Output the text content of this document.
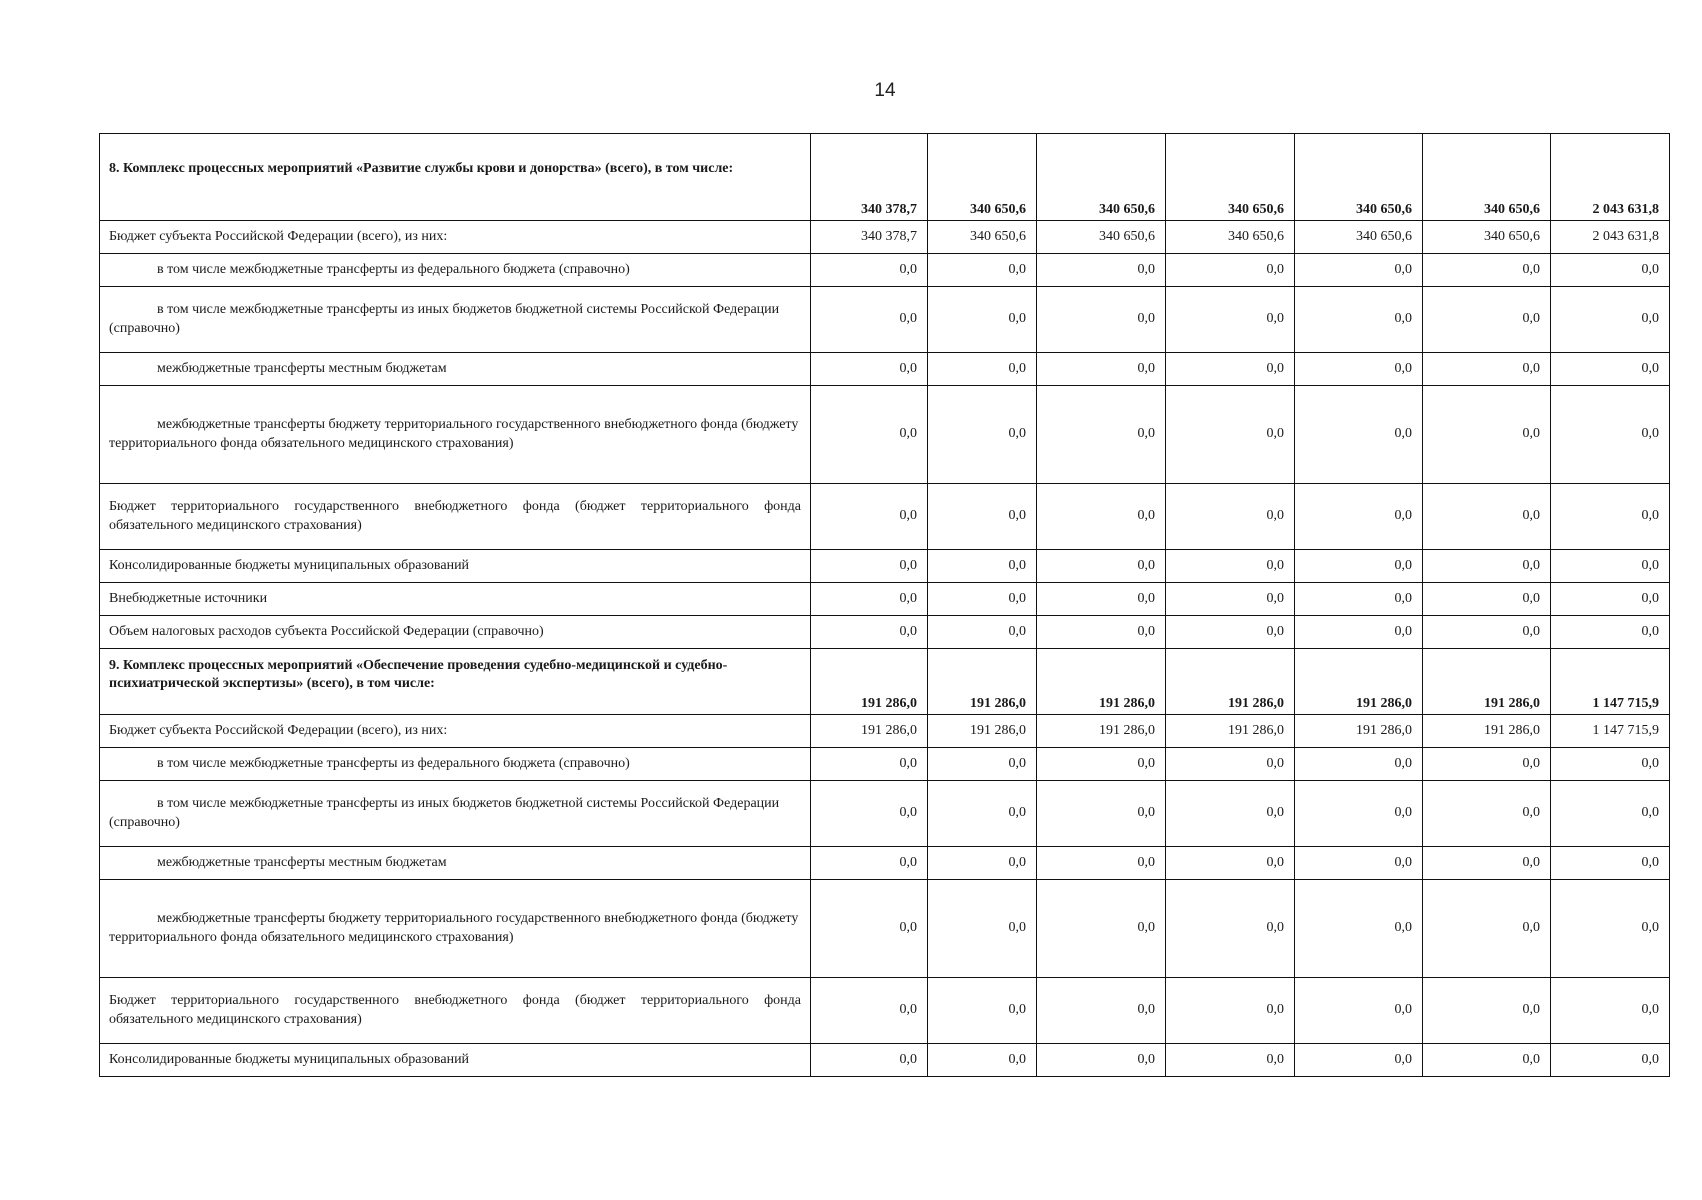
14
8. Комплекс процессных мероприятий «Развитие службы крови и донорства» (всего), в том числе:	340 378,7	340 650,6	340 650,6	340 650,6	340 650,6	340 650,6	2 043 631,8
Бюджет субъекта Российской Федерации (всего), из них:	340 378,7	340 650,6	340 650,6	340 650,6	340 650,6	340 650,6	2 043 631,8
в том числе межбюджетные трансферты из федерального бюджета (справочно)	0,0	0,0	0,0	0,0	0,0	0,0	0,0
в том числе межбюджетные трансферты из иных бюджетов бюджетной системы Российской Федерации (справочно)	0,0	0,0	0,0	0,0	0,0	0,0	0,0
межбюджетные трансферты местным бюджетам	0,0	0,0	0,0	0,0	0,0	0,0	0,0
межбюджетные трансферты бюджету территориального государственного внебюджетного фонда (бюджету территориального фонда обязательного медицинского страхования)	0,0	0,0	0,0	0,0	0,0	0,0	0,0
Бюджет территориального государственного внебюджетного фонда (бюджет территориального фонда обязательного медицинского страхования)	0,0	0,0	0,0	0,0	0,0	0,0	0,0
Консолидированные бюджеты муниципальных образований	0,0	0,0	0,0	0,0	0,0	0,0	0,0
Внебюджетные источники	0,0	0,0	0,0	0,0	0,0	0,0	0,0
Объем налоговых расходов субъекта Российской Федерации (справочно)	0,0	0,0	0,0	0,0	0,0	0,0	0,0
9. Комплекс процессных мероприятий «Обеспечение проведения судебно-медицинской и судебно-психиатрической экспертизы» (всего), в том числе:	191 286,0	191 286,0	191 286,0	191 286,0	191 286,0	191 286,0	1 147 715,9
Бюджет субъекта Российской Федерации (всего), из них:	191 286,0	191 286,0	191 286,0	191 286,0	191 286,0	191 286,0	1 147 715,9
в том числе межбюджетные трансферты из федерального бюджета (справочно)	0,0	0,0	0,0	0,0	0,0	0,0	0,0
в том числе межбюджетные трансферты из иных бюджетов бюджетной системы Российской Федерации (справочно)	0,0	0,0	0,0	0,0	0,0	0,0	0,0
межбюджетные трансферты местным бюджетам	0,0	0,0	0,0	0,0	0,0	0,0	0,0
межбюджетные трансферты бюджету территориального государственного внебюджетного фонда (бюджету территориального фонда обязательного медицинского страхования)	0,0	0,0	0,0	0,0	0,0	0,0	0,0
Бюджет территориального государственного внебюджетного фонда (бюджет территориального фонда обязательного медицинского страхования)	0,0	0,0	0,0	0,0	0,0	0,0	0,0
Консолидированные бюджеты муниципальных образований	0,0	0,0	0,0	0,0	0,0	0,0	0,0
